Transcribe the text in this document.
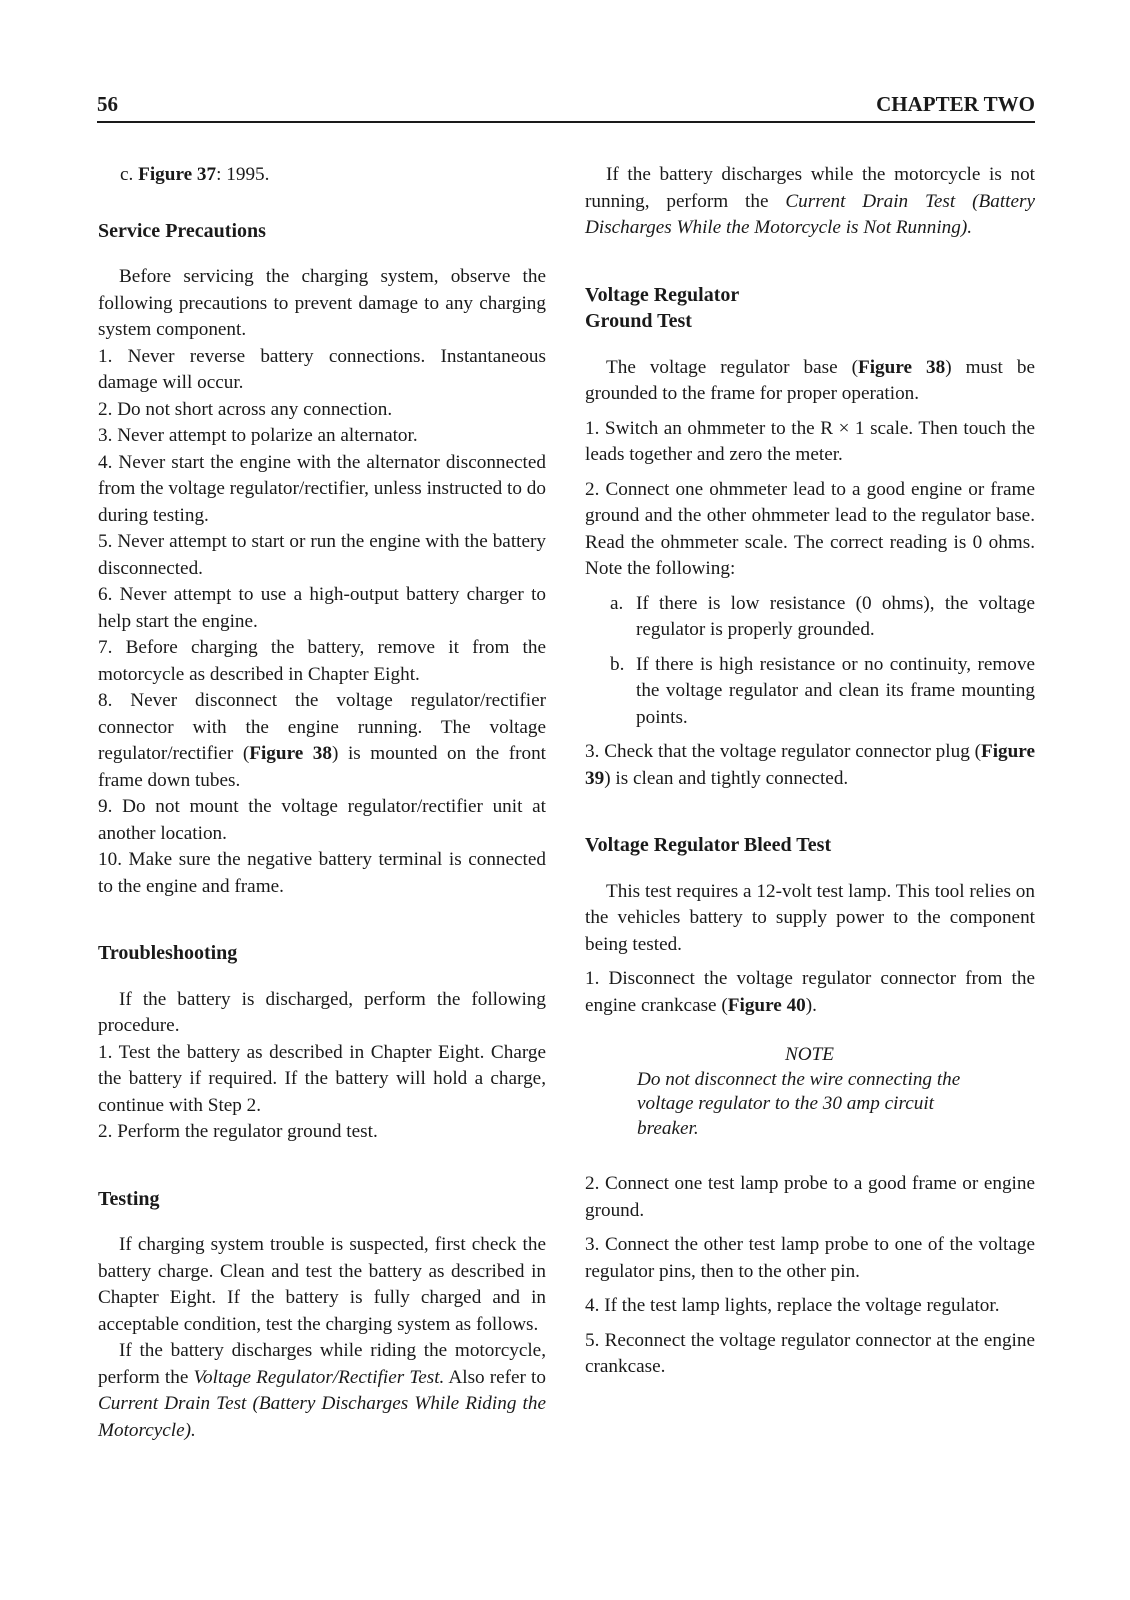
56	CHAPTER TWO

c. Figure 37: 1995.

Service Precautions

Before servicing the charging system, observe the following precautions to prevent damage to any charging system component.

1. Never reverse battery connections. Instantaneous damage will occur.

2. Do not short across any connection.

3. Never attempt to polarize an alternator.

4. Never start the engine with the alternator disconnected from the voltage regulator/rectifier, unless instructed to do during testing.

5. Never attempt to start or run the engine with the battery disconnected.

6. Never attempt to use a high-output battery charger to help start the engine.

7. Before charging the battery, remove it from the motorcycle as described in Chapter Eight.

8. Never disconnect the voltage regulator/rectifier connector with the engine running. The voltage regulator/rectifier (Figure 38) is mounted on the front frame down tubes.

9. Do not mount the voltage regulator/rectifier unit at another location.

10. Make sure the negative battery terminal is connected to the engine and frame.

Troubleshooting

If the battery is discharged, perform the following procedure.

1. Test the battery as described in Chapter Eight. Charge the battery if required. If the battery will hold a charge, continue with Step 2.

2. Perform the regulator ground test.

Testing

If charging system trouble is suspected, first check the battery charge. Clean and test the battery as described in Chapter Eight. If the battery is fully charged and in acceptable condition, test the charging system as follows.

If the battery discharges while riding the motorcycle, perform the Voltage Regulator/Rectifier Test. Also refer to Current Drain Test (Battery Discharges While Riding the Motorcycle).

If the battery discharges while the motorcycle is not running, perform the Current Drain Test (Battery Discharges While the Motorcycle is Not Running).

Voltage Regulator
Ground Test

The voltage regulator base (Figure 38) must be grounded to the frame for proper operation.

1. Switch an ohmmeter to the R × 1 scale. Then touch the leads together and zero the meter.

2. Connect one ohmmeter lead to a good engine or frame ground and the other ohmmeter lead to the regulator base. Read the ohmmeter scale. The correct reading is 0 ohms. Note the following:

a. If there is low resistance (0 ohms), the voltage regulator is properly grounded.
b. If there is high resistance or no continuity, remove the voltage regulator and clean its frame mounting points.

3. Check that the voltage regulator connector plug (Figure 39) is clean and tightly connected.

Voltage Regulator Bleed Test

This test requires a 12-volt test lamp. This tool relies on the vehicles battery to supply power to the component being tested.

1. Disconnect the voltage regulator connector from the engine crankcase (Figure 40).

NOTE
Do not disconnect the wire connecting the voltage regulator to the 30 amp circuit breaker.

2. Connect one test lamp probe to a good frame or engine ground.

3. Connect the other test lamp probe to one of the voltage regulator pins, then to the other pin.

4. If the test lamp lights, replace the voltage regulator.

5. Reconnect the voltage regulator connector at the engine crankcase.
